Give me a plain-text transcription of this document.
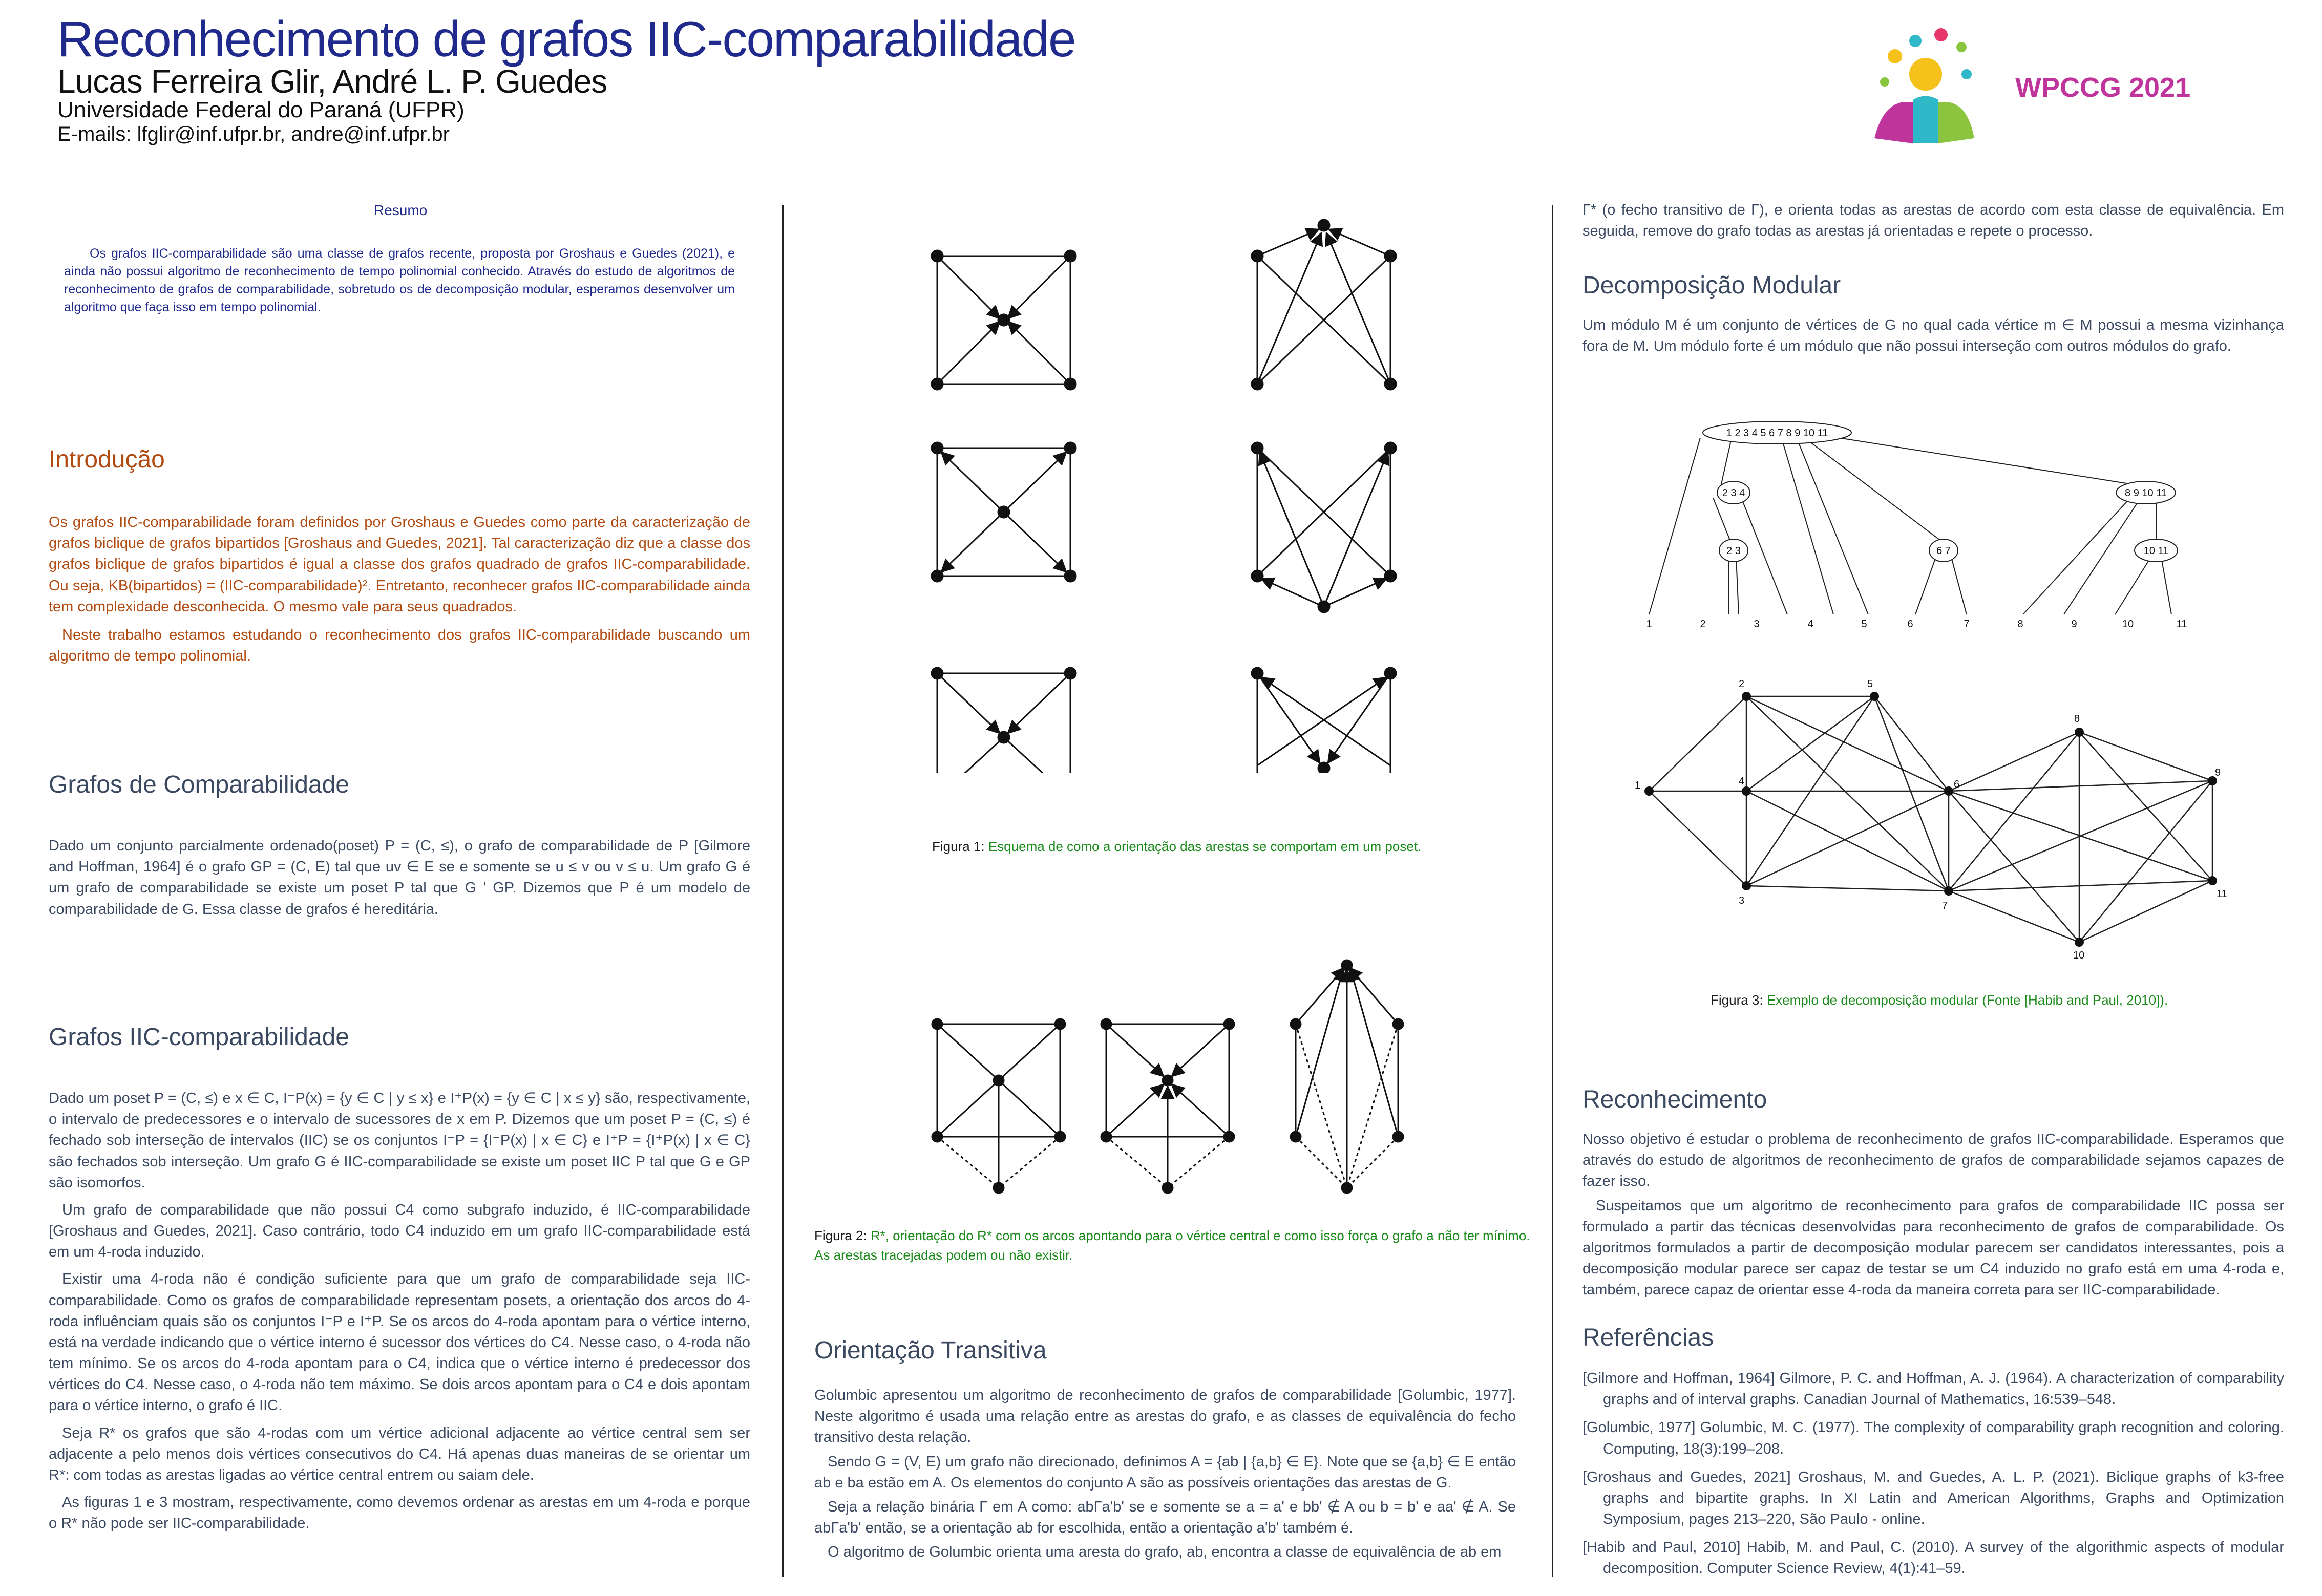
Reconhecimento de grafos IIC-comparabilidade
Lucas Ferreira Glir, André L. P. Guedes
Universidade Federal do Paraná (UFPR)
E-mails: lfglir@inf.ufpr.br, andre@inf.ufpr.br
WPCCG 2021
Resumo
Os grafos IIC-comparabilidade são uma classe de grafos recente, proposta por Groshaus e Guedes (2021), e ainda não possui algoritmo de reconhecimento de tempo polinomial conhecido. Através do estudo de algoritmos de reconhecimento de grafos de comparabilidade, sobretudo os de decomposição modular, esperamos desenvolver um algoritmo que faça isso em tempo polinomial.
Introdução

Os grafos IIC-comparabilidade foram definidos por Groshaus e Guedes como parte da caracterização de grafos biclique de grafos bipartidos [Groshaus and Guedes, 2021]. Tal caracterização diz que a classe dos grafos biclique de grafos bipartidos é igual a classe dos grafos quadrado de grafos IIC-comparabilidade. Ou seja, KB(bipartidos) = (IIC-comparabilidade)². Entretanto, reconhecer grafos IIC-comparabilidade ainda tem complexidade desconhecida. O mesmo vale para seus quadrados.

Neste trabalho estamos estudando o reconhecimento dos grafos IIC-comparabilidade buscando um algoritmo de tempo polinomial.

Grafos de Comparabilidade

Dado um conjunto parcialmente ordenado(poset) P = (C, ≤), o grafo de comparabilidade de P [Gilmore and Hoffman, 1964] é o grafo GP = (C, E) tal que uv ∈ E se e somente se u ≤ v ou v ≤ u. Um grafo G é um grafo de comparabilidade se existe um poset P tal que G ' GP. Dizemos que P é um modelo de comparabilidade de G. Essa classe de grafos é hereditária.

Grafos IIC-comparabilidade

Dado um poset P = (C, ≤) e x ∈ C, I⁻P(x) = {y ∈ C | y ≤ x} e I⁺P(x) = {y ∈ C | x ≤ y} são, respectivamente, o intervalo de predecessores e o intervalo de sucessores de x em P. Dizemos que um poset P = (C, ≤) é fechado sob interseção de intervalos (IIC) se os conjuntos I⁻P = {I⁻P(x) | x ∈ C} e I⁺P = {I⁺P(x) | x ∈ C} são fechados sob interseção. Um grafo G é IIC-comparabilidade se existe um poset IIC P tal que G e GP são isomorfos.

Um grafo de comparabilidade que não possui C4 como subgrafo induzido, é IIC-comparabilidade [Groshaus and Guedes, 2021]. Caso contrário, todo C4 induzido em um grafo IIC-comparabilidade está em um 4-roda induzido.

Existir uma 4-roda não é condição suficiente para que um grafo de comparabilidade seja IIC-comparabilidade. Como os grafos de comparabilidade representam posets, a orientação dos arcos do 4-roda influênciam quais são os conjuntos I⁻P e I⁺P. Se os arcos do 4-roda apontam para o vértice interno, está na verdade indicando que o vértice interno é sucessor dos vértices do C4. Nesse caso, o 4-roda não tem mínimo. Se os arcos do 4-roda apontam para o C4, indica que o vértice interno é predecessor dos vértices do C4. Nesse caso, o 4-roda não tem máximo. Se dois arcos apontam para o C4 e dois apontam para o vértice interno, o grafo é IIC.

Seja R* os grafos que são 4-rodas com um vértice adicional adjacente ao vértice central sem ser adjacente a pelo menos dois vértices consecutivos do C4. Há apenas duas maneiras de se orientar um R*: com todas as arestas ligadas ao vértice central entrem ou saiam dele.

As figuras 1 e 3 mostram, respectivamente, como devemos ordenar as arestas em um 4-roda e porque o R* não pode ser IIC-comparabilidade.

Figura 1: Esquema de como a orientação das arestas se comportam em um poset.
Figura 2: R*, orientação do R* com os arcos apontando para o vértice central e como isso força o grafo a não ter mínimo. As arestas tracejadas podem ou não existir.
Orientação Transitiva

Golumbic apresentou um algoritmo de reconhecimento de grafos de comparabilidade [Golumbic, 1977]. Neste algoritmo é usada uma relação entre as arestas do grafo, e as classes de equivalência do fecho transitivo desta relação.

Sendo G = (V, E) um grafo não direcionado, definimos A = {ab | {a,b} ∈ E}. Note que se {a,b} ∈ E então ab e ba estão em A. Os elementos do conjunto A são as possíveis orientações das arestas de G.

Seja a relação binária Γ em A como: abΓa'b' se e somente se a = a' e bb' ∉ A ou b = b' e aa' ∉ A. Se abΓa'b' então, se a orientação ab for escolhida, então a orientação a'b' também é.

O algoritmo de Golumbic orienta uma aresta do grafo, ab, encontra a classe de equivalência de ab em

Γ* (o fecho transitivo de Γ), e orienta todas as arestas de acordo com esta classe de equivalência. Em seguida, remove do grafo todas as arestas já orientadas e repete o processo.

Decomposição Modular

Um módulo M é um conjunto de vértices de G no qual cada vértice m ∈ M possui a mesma vizinhança fora de M. Um módulo forte é um módulo que não possui interseção com outros módulos do grafo.

1 2 3 4 5 6 7 8 9 10 11
2 3 4	8 9 10 11
2 3	6 7	10 11
1	2	3	4	5	6	7	8	9	10	11
1
2
3
4
5
6
7
8
9
10
11
Figura 3: Exemplo de decomposição modular (Fonte [Habib and Paul, 2010]).
Reconhecimento

Nosso objetivo é estudar o problema de reconhecimento de grafos IIC-comparabilidade. Esperamos que através do estudo de algoritmos de reconhecimento de grafos de comparabilidade sejamos capazes de fazer isso.

Suspeitamos que um algoritmo de reconhecimento para grafos de comparabilidade IIC possa ser formulado a partir das técnicas desenvolvidas para reconhecimento de grafos de comparabilidade. Os algoritmos formulados a partir de decomposição modular parecem ser candidatos interessantes, pois a decomposição modular parece ser capaz de testar se um C4 induzido no grafo está em uma 4-roda e, também, parece capaz de orientar esse 4-roda da maneira correta para ser IIC-comparabilidade.

Referências

[Gilmore and Hoffman, 1964] Gilmore, P. C. and Hoffman, A. J. (1964). A characterization of comparability graphs and of interval graphs. Canadian Journal of Mathematics, 16:539–548.

[Golumbic, 1977] Golumbic, M. C. (1977). The complexity of comparability graph recognition and coloring. Computing, 18(3):199–208.

[Groshaus and Guedes, 2021] Groshaus, M. and Guedes, A. L. P. (2021). Biclique graphs of k3-free graphs and bipartite graphs. In XI Latin and American Algorithms, Graphs and Optimization Symposium, pages 213–220, São Paulo - online.

[Habib and Paul, 2010] Habib, M. and Paul, C. (2010). A survey of the algorithmic aspects of modular decomposition. Computer Science Review, 4(1):41–59.
